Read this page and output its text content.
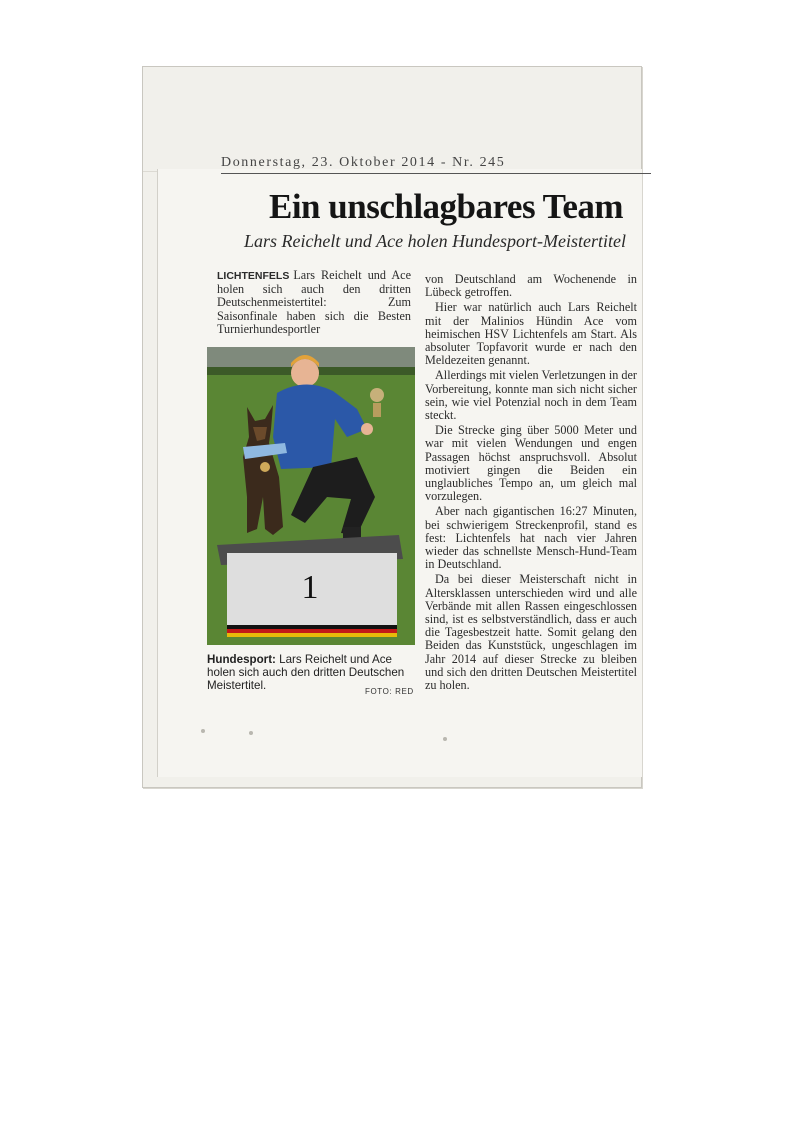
Donnerstag, 23. Oktober 2014 - Nr. 245
Ein unschlagbares Team
Lars Reichelt und Ace holen Hundesport-Meistertitel

LICHTENFELS Lars Reichelt und Ace holen sich auch den dritten Deutschenmeistertitel: Zum Saisonfinale haben sich die Besten Turnierhundesportler

1
Hundesport: Lars Reichelt und Ace holen sich auch den dritten Deutschen Meistertitel.	FOTO: RED

von Deutschland am Wochenende in Lübeck getroffen.

Hier war natürlich auch Lars Reichelt mit der Malinios Hündin Ace vom heimischen HSV Lichtenfels am Start. Als absoluter Topfavorit wurde er nach den Meldezeiten genannt.

Allerdings mit vielen Verletzungen in der Vorbereitung, konnte man sich nicht sicher sein, wie viel Potenzial noch in dem Team steckt.

Die Strecke ging über 5000 Meter und war mit vielen Wendungen und engen Passagen höchst anspruchsvoll. Absolut motiviert gingen die Beiden ein unglaubliches Tempo an, um gleich mal vorzulegen.

Aber nach gigantischen 16:27 Minuten, bei schwierigem Streckenprofil, stand es fest: Lichtenfels hat nach vier Jahren wieder das schnellste Mensch-Hund-Team in Deutschland.

Da bei dieser Meisterschaft nicht in Altersklassen unterschieden wird und alle Verbände mit allen Rassen eingeschlossen sind, ist es selbstverständlich, dass er auch die Tagesbestzeit hatte. Somit gelang den Beiden das Kunststück, ungeschlagen im Jahr 2014 auf dieser Strecke zu bleiben und sich den dritten Deutschen Meistertitel zu holen.
